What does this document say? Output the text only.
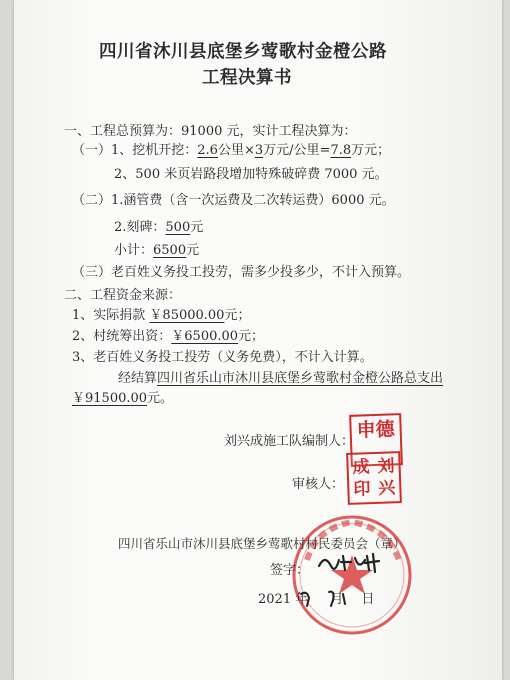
四川省沐川县底堡乡莺歌村金橙公路
工程决算书
一、工程总预算为：91000 元，实计工程决算为：
（一）1、挖机开挖：2.6公里×3万元/公里=7.8万元；
2、500 米页岩路段增加特殊破碎费 7000 元。
（二）1.涵管费（含一次运费及二次转运费）6000 元。
2.刻碑：500元
小计：6500元
（三）老百姓义务投工投劳，需多少投多少，不计入预算。
二、工程资金来源：
1、实际捐款 ￥85000.00元；
2、村统筹出资：￥6500.00元；
3、老百姓义务投工投劳（义务免费），不计入计算。
经结算四川省乐山市沐川县底堡乡莺歌村金橙公路总支出
￥91500.00元。
刘兴成施工队编制人： 申德
审核人：
成 刘
印 兴
四川省乐山市沐川县底堡乡莺歌村村民委员会（章）
签字：
2021 年 月 日
